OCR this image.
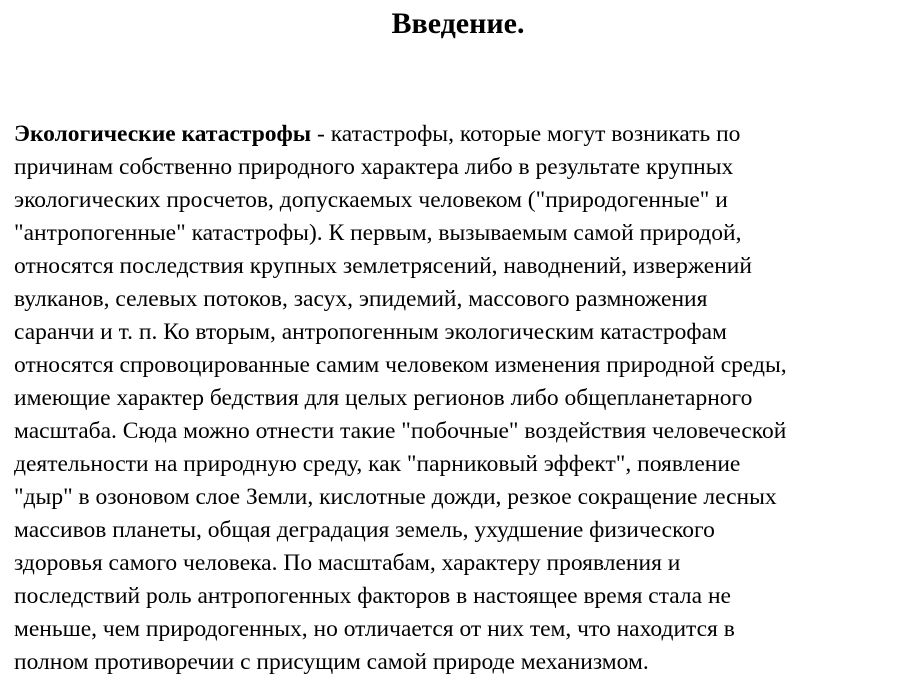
Введение.
Экологические катастрофы - катастрофы, которые могут возникать по
причинам собственно природного характера либо в результате крупных
экологических просчетов, допускаемых человеком ("природогенные" и
"антропогенные" катастрофы). К первым, вызываемым самой природой,
относятся последствия крупных землетрясений, наводнений, извержений
вулканов, селевых потоков, засух, эпидемий, массового размножения
саранчи и т. п. Ко вторым, антропогенным экологическим катастрофам
относятся спровоцированные самим человеком изменения природной среды,
имеющие характер бедствия для целых регионов либо общепланетарного
масштаба. Сюда можно отнести такие "побочные" воздействия человеческой
деятельности на природную среду, как "парниковый эффект", появление
"дыр" в озоновом слое Земли, кислотные дожди, резкое сокращение лесных
массивов планеты, общая деградация земель, ухудшение физического
здоровья самого человека. По масштабам, характеру проявления и
последствий роль антропогенных факторов в настоящее время стала не
меньше, чем природогенных, но отличается от них тем, что находится в
полном противоречии с присущим самой природе механизмом.
